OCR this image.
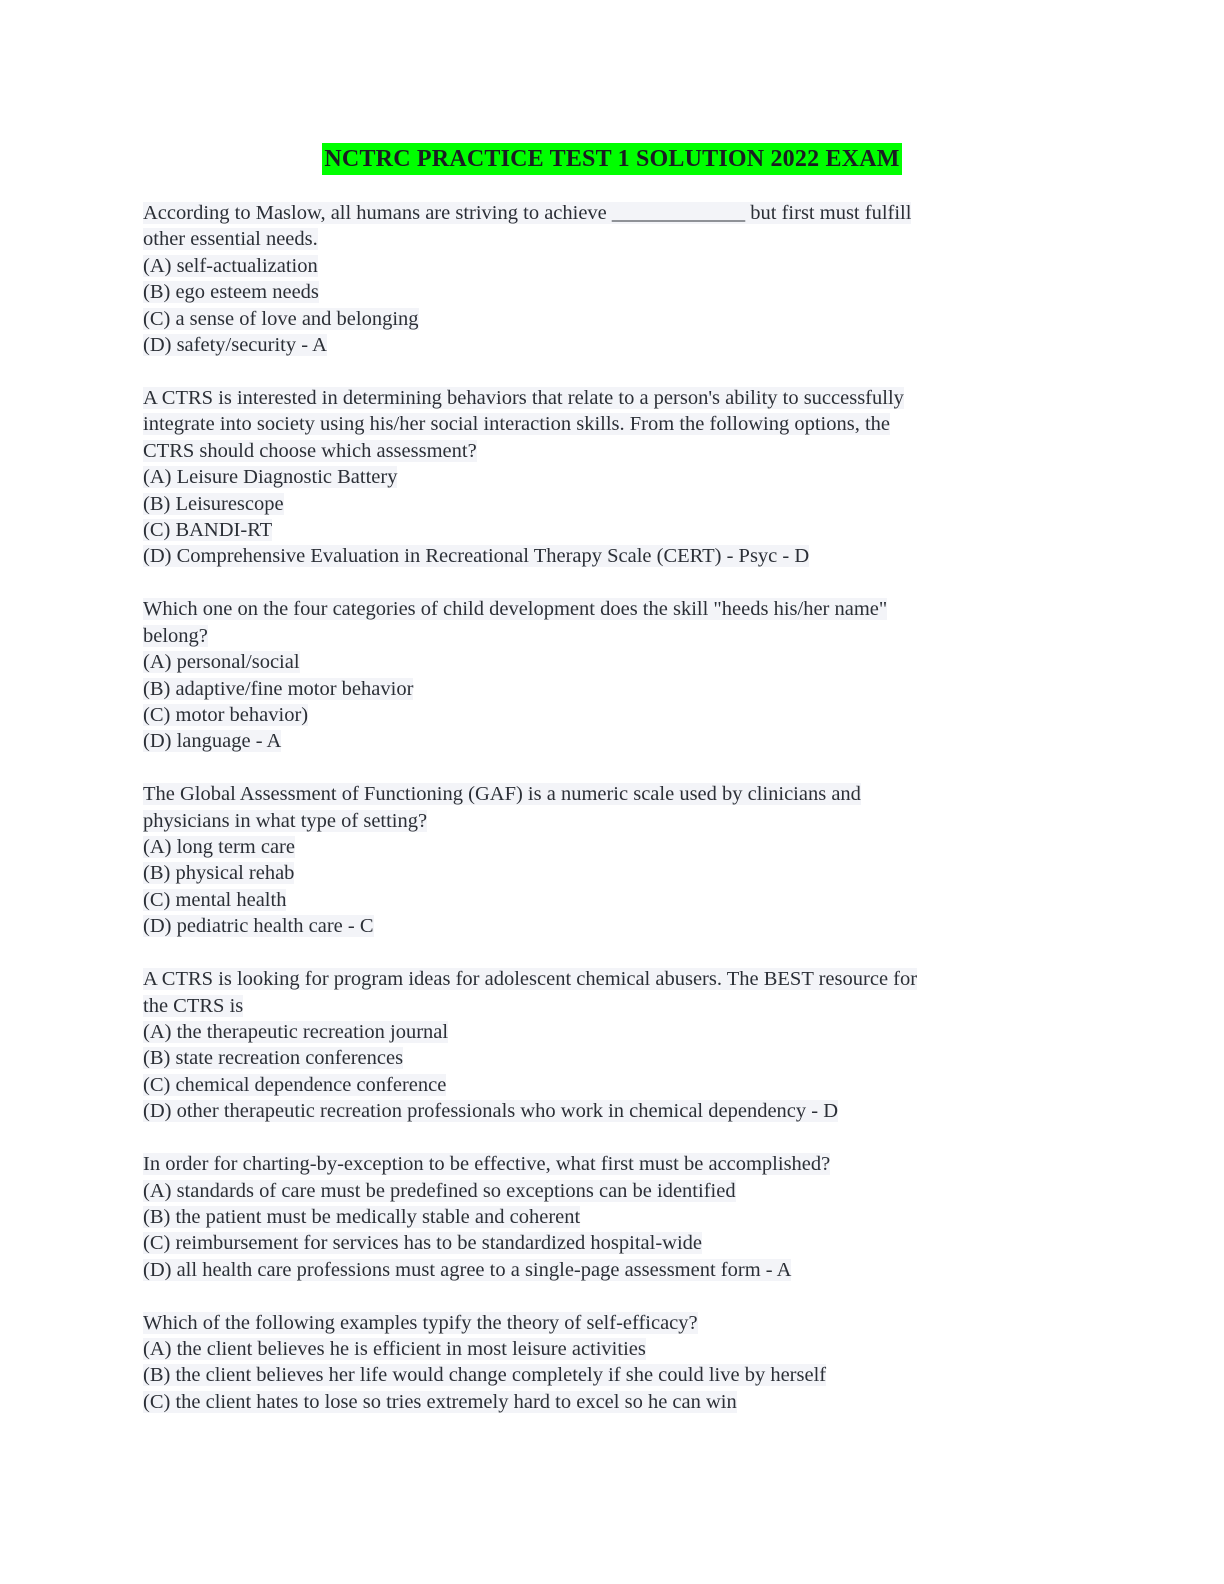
NCTRC PRACTICE TEST 1 SOLUTION 2022 EXAM
According to Maslow, all humans are striving to achieve _____________ but first must fulfill
other essential needs.
(A) self-actualization
(B) ego esteem needs
(C) a sense of love and belonging
(D) safety/security - A
A CTRS is interested in determining behaviors that relate to a person's ability to successfully
integrate into society using his/her social interaction skills. From the following options, the
CTRS should choose which assessment?
(A) Leisure Diagnostic Battery
(B) Leisurescope
(C) BANDI-RT
(D) Comprehensive Evaluation in Recreational Therapy Scale (CERT) - Psyc - D
Which one on the four categories of child development does the skill "heeds his/her name"
belong?
(A) personal/social
(B) adaptive/fine motor behavior
(C) motor behavior)
(D) language - A
The Global Assessment of Functioning (GAF) is a numeric scale used by clinicians and
physicians in what type of setting?
(A) long term care
(B) physical rehab
(C) mental health
(D) pediatric health care - C
A CTRS is looking for program ideas for adolescent chemical abusers. The BEST resource for
the CTRS is
(A) the therapeutic recreation journal
(B) state recreation conferences
(C) chemical dependence conference
(D) other therapeutic recreation professionals who work in chemical dependency - D
In order for charting-by-exception to be effective, what first must be accomplished?
(A) standards of care must be predefined so exceptions can be identified
(B) the patient must be medically stable and coherent
(C) reimbursement for services has to be standardized hospital-wide
(D) all health care professions must agree to a single-page assessment form - A
Which of the following examples typify the theory of self-efficacy?
(A) the client believes he is efficient in most leisure activities
(B) the client believes her life would change completely if she could live by herself
(C) the client hates to lose so tries extremely hard to excel so he can win
